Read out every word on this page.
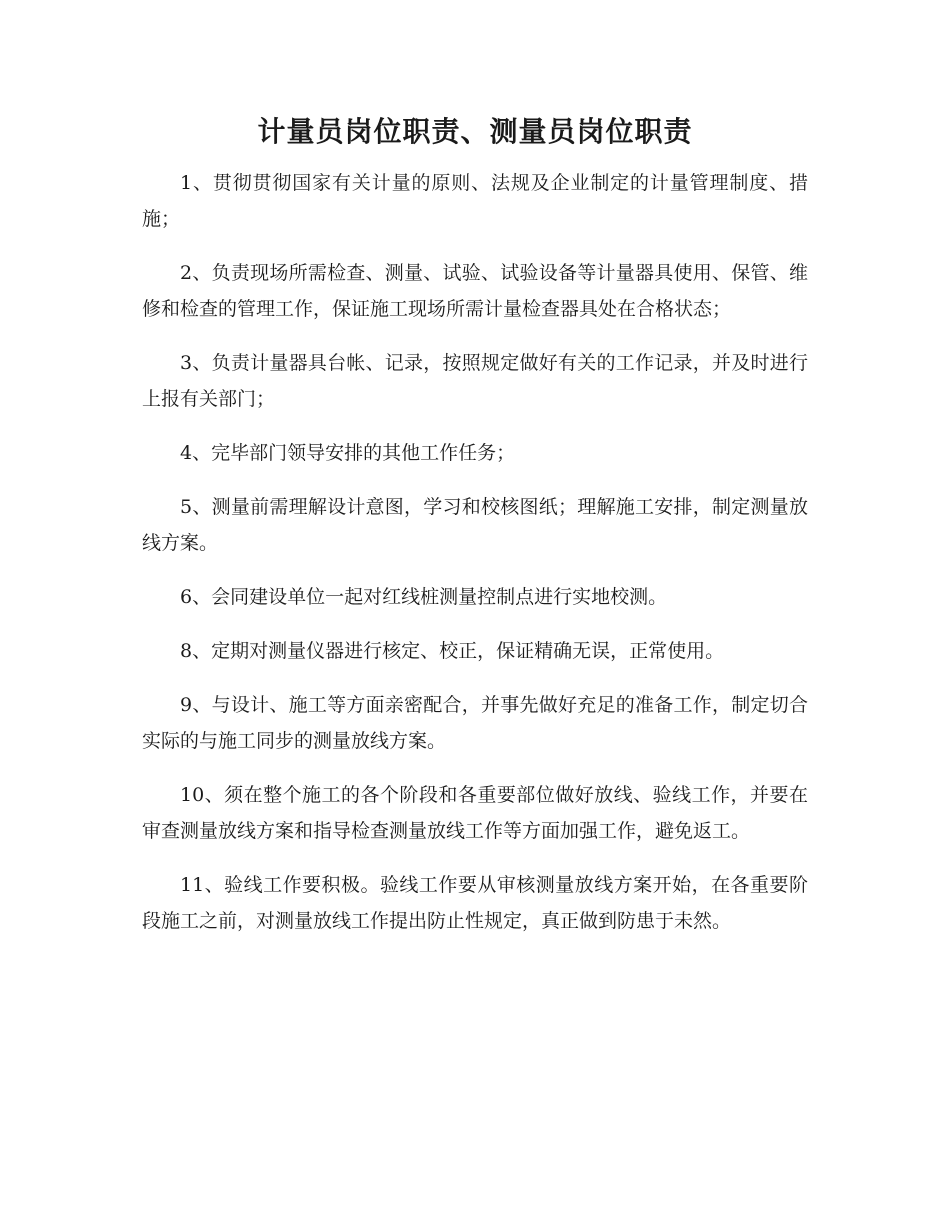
计量员岗位职责、测量员岗位职责

1、贯彻贯彻国家有关计量的原则、法规及企业制定的计量管理制度、措施；

2、负责现场所需检查、测量、试验、试验设备等计量器具使用、保管、维修和检查的管理工作，保证施工现场所需计量检查器具处在合格状态；

3、负责计量器具台帐、记录，按照规定做好有关的工作记录，并及时进行上报有关部门；

4、完毕部门领导安排的其他工作任务；

5、测量前需理解设计意图，学习和校核图纸；理解施工安排，制定测量放线方案。

6、会同建设单位一起对红线桩测量控制点进行实地校测。

8、定期对测量仪器进行核定、校正，保证精确无误，正常使用。

9、与设计、施工等方面亲密配合，并事先做好充足的准备工作，制定切合实际的与施工同步的测量放线方案。

10、须在整个施工的各个阶段和各重要部位做好放线、验线工作，并要在审查测量放线方案和指导检查测量放线工作等方面加强工作，避免返工。

11、验线工作要积极。验线工作要从审核测量放线方案开始，在各重要阶段施工之前，对测量放线工作提出防止性规定，真正做到防患于未然。
